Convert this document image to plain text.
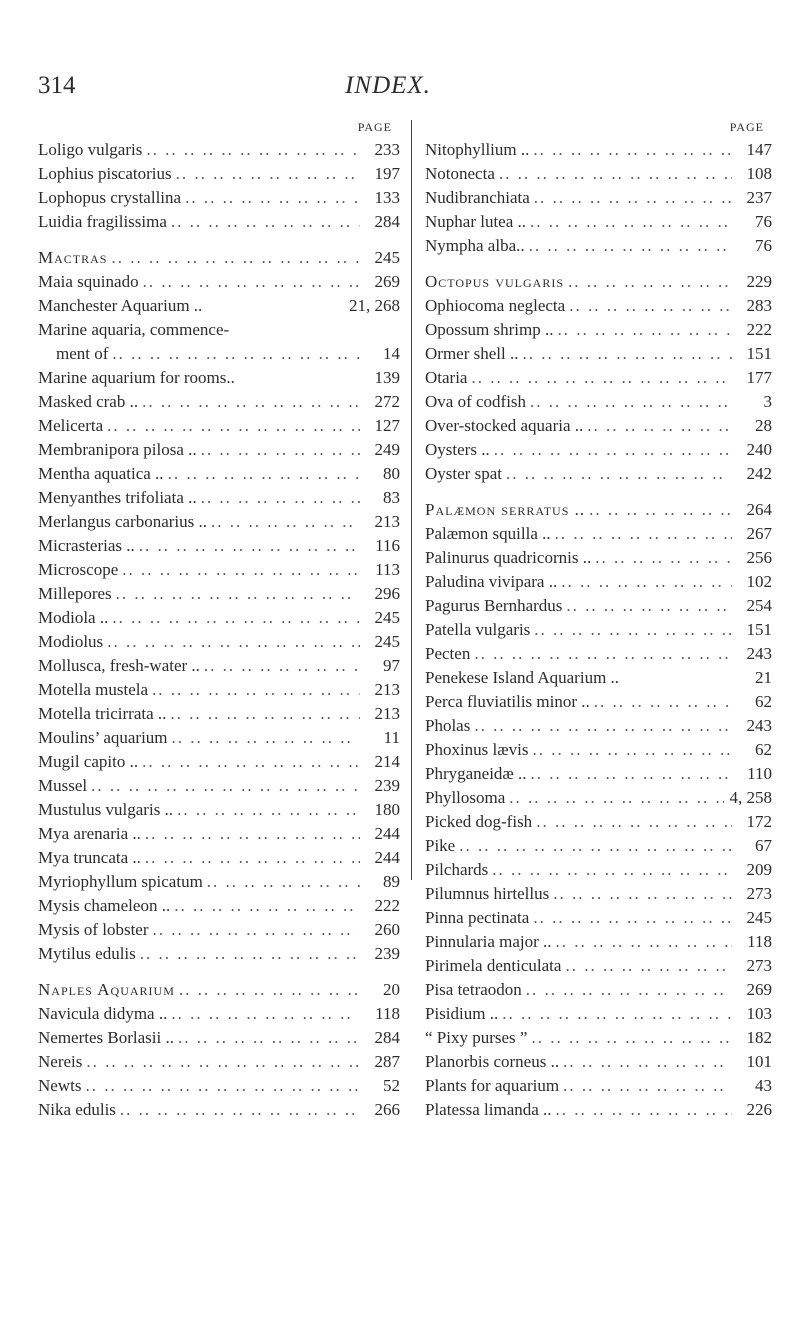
314	INDEX.
PAGE
Loligo vulgaris .. ..	233
Lophius piscatorius .. ..	197
Lophopus crystallina .. ..	133
Luidia fragilissima .. ..	284
Mactras .. ..	245
Maia squinado .. ..	269
Manchester Aquarium ..	21, 268
Marine aquaria, commence-
ment of .. ..	14
Marine aquarium for rooms..	139
Masked crab .. .. ..	272
Melicerta .. ..	127
Membranipora pilosa .. .. ..	249
Mentha aquatica .. .. ..	80
Menyanthes trifoliata .. .. ..	83
Merlangus carbonarius .. .. ..	213
Micrasterias .. .. ..	116
Microscope .. ..	113
Millepores .. ..	296
Modiola .. .. ..	245
Modiolus .. ..	245
Mollusca, fresh-water .. .. ..	97
Motella mustela .. ..	213
Motella tricirrata .. .. ..	213
Moulins’ aquarium .. ..	11
Mugil capito .. .. ..	214
Mussel .. ..	239
Mustulus vulgaris .. .. ..	180
Mya arenaria .. .. ..	244
Mya truncata .. .. ..	244
Myriophyllum spicatum .. ..	89
Mysis chameleon .. .. ..	222
Mysis of lobster .. ..	260
Mytilus edulis .. ..	239
Naples Aquarium .. ..	20
Navicula didyma .. .. ..	118
Nemertes Borlasii .. .. ..	284
Nereis .. ..	287
Newts .. ..	52
Nika edulis .. ..	266
PAGE
Nitophyllium .. .. ..	147
Notonecta .. ..	108
Nudibranchiata .. ..	237
Nuphar lutea .. .. ..	76
Nympha alba.. .. ..	76
Octopus vulgaris .. ..	229
Ophiocoma neglecta .. ..	283
Opossum shrimp .. .. ..	222
Ormer shell .. .. ..	151
Otaria .. ..	177
Ova of codfish .. ..	3
Over-stocked aquaria .. .. ..	28
Oysters .. .. ..	240
Oyster spat .. ..	242
Palæmon serratus .. .. ..	264
Palæmon squilla .. .. ..	267
Palinurus quadricornis .. .. ..	256
Paludina vivipara .. .. ..	102
Pagurus Bernhardus .. ..	254
Patella vulgaris .. ..	151
Pecten .. ..	243
Penekese Island Aquarium ..	21
Perca fluviatilis minor .. .. ..	62
Pholas .. ..	243
Phoxinus lævis .. ..	62
Phryganeidæ .. .. ..	110
Phyllosoma .. ..	4, 258
Picked dog-fish .. ..	172
Pike .. ..	67
Pilchards .. ..	209
Pilumnus hirtellus .. ..	273
Pinna pectinata .. ..	245
Pinnularia major .. .. ..	118
Pirimela denticulata .. ..	273
Pisa tetraodon .. ..	269
Pisidium .. .. ..	103
“ Pixy purses ” .. ..	182
Planorbis corneus .. .. ..	101
Plants for aquarium .. ..	43
Platessa limanda .. .. ..	226
